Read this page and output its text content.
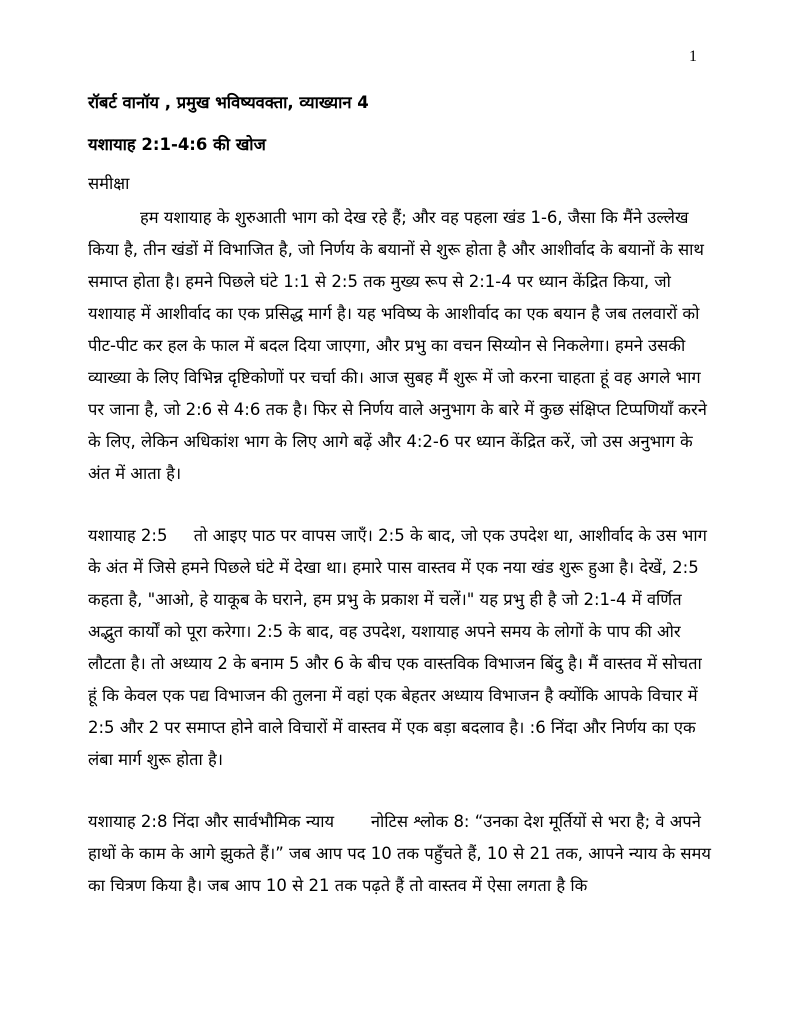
1
रॉबर्ट वानॉय , प्रमुख भविष्यवक्ता, व्याख्यान 4
यशायाह 2:1-4:6 की खोज
समीक्षा

हम यशायाह के शुरुआती भाग को देख रहे हैं; और वह पहला खंड 1-6, जैसा कि मैंने उल्लेख किया है, तीन खंडों में विभाजित है, जो निर्णय के बयानों से शुरू होता है और आशीर्वाद के बयानों के साथ समाप्त होता है। हमने पिछले घंटे 1:1 से 2:5 तक मुख्य रूप से 2:1-4 पर ध्यान केंद्रित किया, जो यशायाह में आशीर्वाद का एक प्रसिद्ध मार्ग है। यह भविष्य के आशीर्वाद का एक बयान है जब तलवारों को पीट-पीट कर हल के फाल में बदल दिया जाएगा, और प्रभु का वचन सिय्योन से निकलेगा। हमने उसकी व्याख्या के लिए विभिन्न दृष्टिकोणों पर चर्चा की। आज सुबह मैं शुरू में जो करना चाहता हूं वह अगले भाग पर जाना है, जो 2:6 से 4:6 तक है। फिर से निर्णय वाले अनुभाग के बारे में कुछ संक्षिप्त टिप्पणियाँ करने के लिए, लेकिन अधिकांश भाग के लिए आगे बढ़ें और 4:2-6 पर ध्यान केंद्रित करें, जो उस अनुभाग के अंत में आता है।

यशायाह 2:5 तो आइए पाठ पर वापस जाएँ। 2:5 के बाद, जो एक उपदेश था, आशीर्वाद के उस भाग के अंत में जिसे हमने पिछले घंटे में देखा था। हमारे पास वास्तव में एक नया खंड शुरू हुआ है। देखें, 2:5 कहता है, "आओ, हे याकूब के घराने, हम प्रभु के प्रकाश में चलें।" यह प्रभु ही है जो 2:1-4 में वर्णित अद्भुत कार्यों को पूरा करेगा। 2:5 के बाद, वह उपदेश, यशायाह अपने समय के लोगों के पाप की ओर लौटता है। तो अध्याय 2 के बनाम 5 और 6 के बीच एक वास्तविक विभाजन बिंदु है। मैं वास्तव में सोचता हूं कि केवल एक पद्य विभाजन की तुलना में वहां एक बेहतर अध्याय विभाजन है क्योंकि आपके विचार में 2:5 और 2 पर समाप्त होने वाले विचारों में वास्तव में एक बड़ा बदलाव है। :6 निंदा और निर्णय का एक लंबा मार्ग शुरू होता है।

यशायाह 2:8 निंदा और सार्वभौमिक न्याय नोटिस श्लोक 8: “उनका देश मूर्तियों से भरा है; वे अपने हाथों के काम के आगे झुकते हैं।” जब आप पद 10 तक पहुँचते हैं, 10 से 21 तक, आपने न्याय के समय का चित्रण किया है। जब आप 10 से 21 तक पढ़ते हैं तो वास्तव में ऐसा लगता है कि
